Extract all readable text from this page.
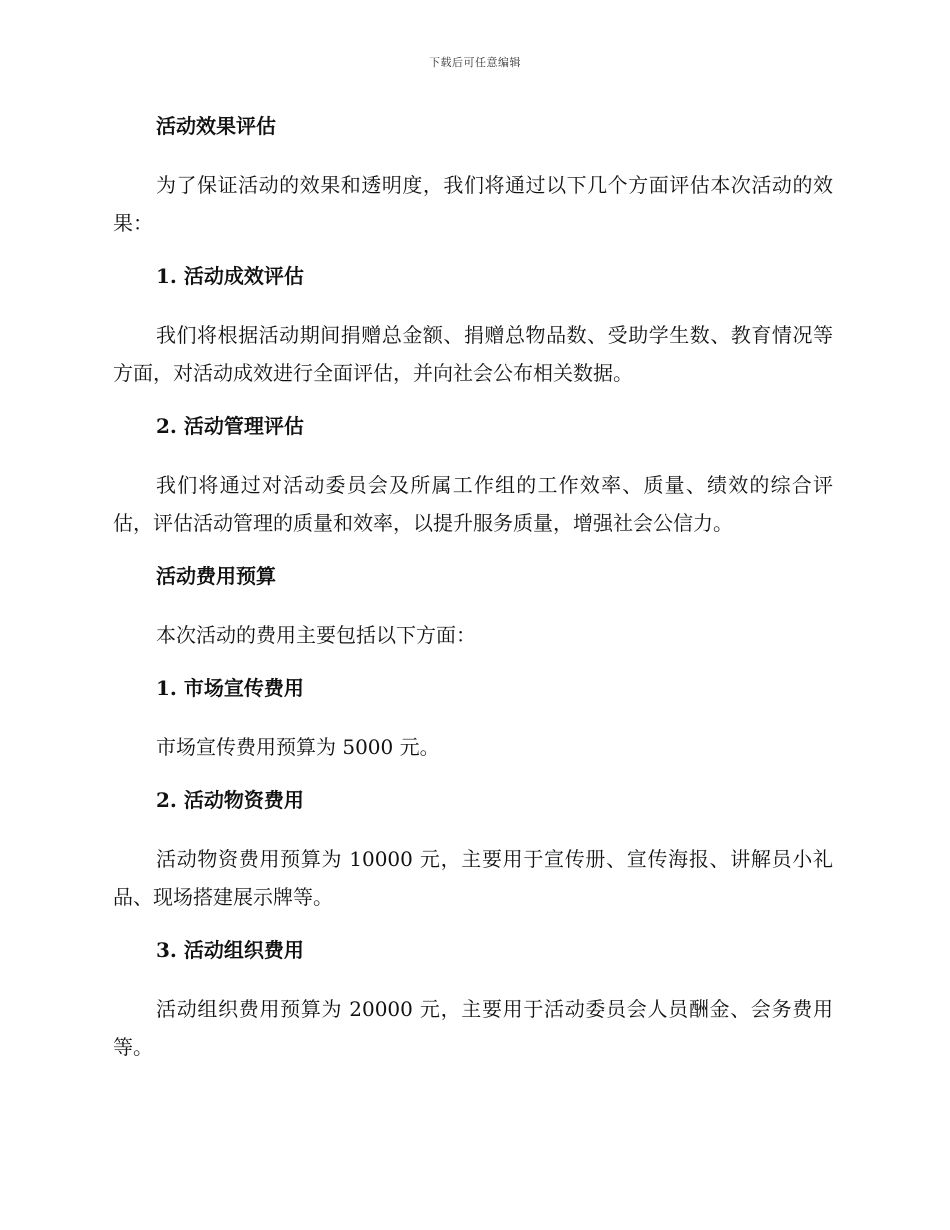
下载后可任意编辑
活动效果评估

为了保证活动的效果和透明度，我们将通过以下几个方面评估本次活动的效果：

1. 活动成效评估

我们将根据活动期间捐赠总金额、捐赠总物品数、受助学生数、教育情况等方面，对活动成效进行全面评估，并向社会公布相关数据。

2. 活动管理评估

我们将通过对活动委员会及所属工作组的工作效率、质量、绩效的综合评估，评估活动管理的质量和效率，以提升服务质量，增强社会公信力。

活动费用预算

本次活动的费用主要包括以下方面：

1. 市场宣传费用

市场宣传费用预算为 5000 元。

2. 活动物资费用

活动物资费用预算为 10000 元，主要用于宣传册、宣传海报、讲解员小礼品、现场搭建展示牌等。

3. 活动组织费用

活动组织费用预算为 20000 元，主要用于活动委员会人员酬金、会务费用等。
